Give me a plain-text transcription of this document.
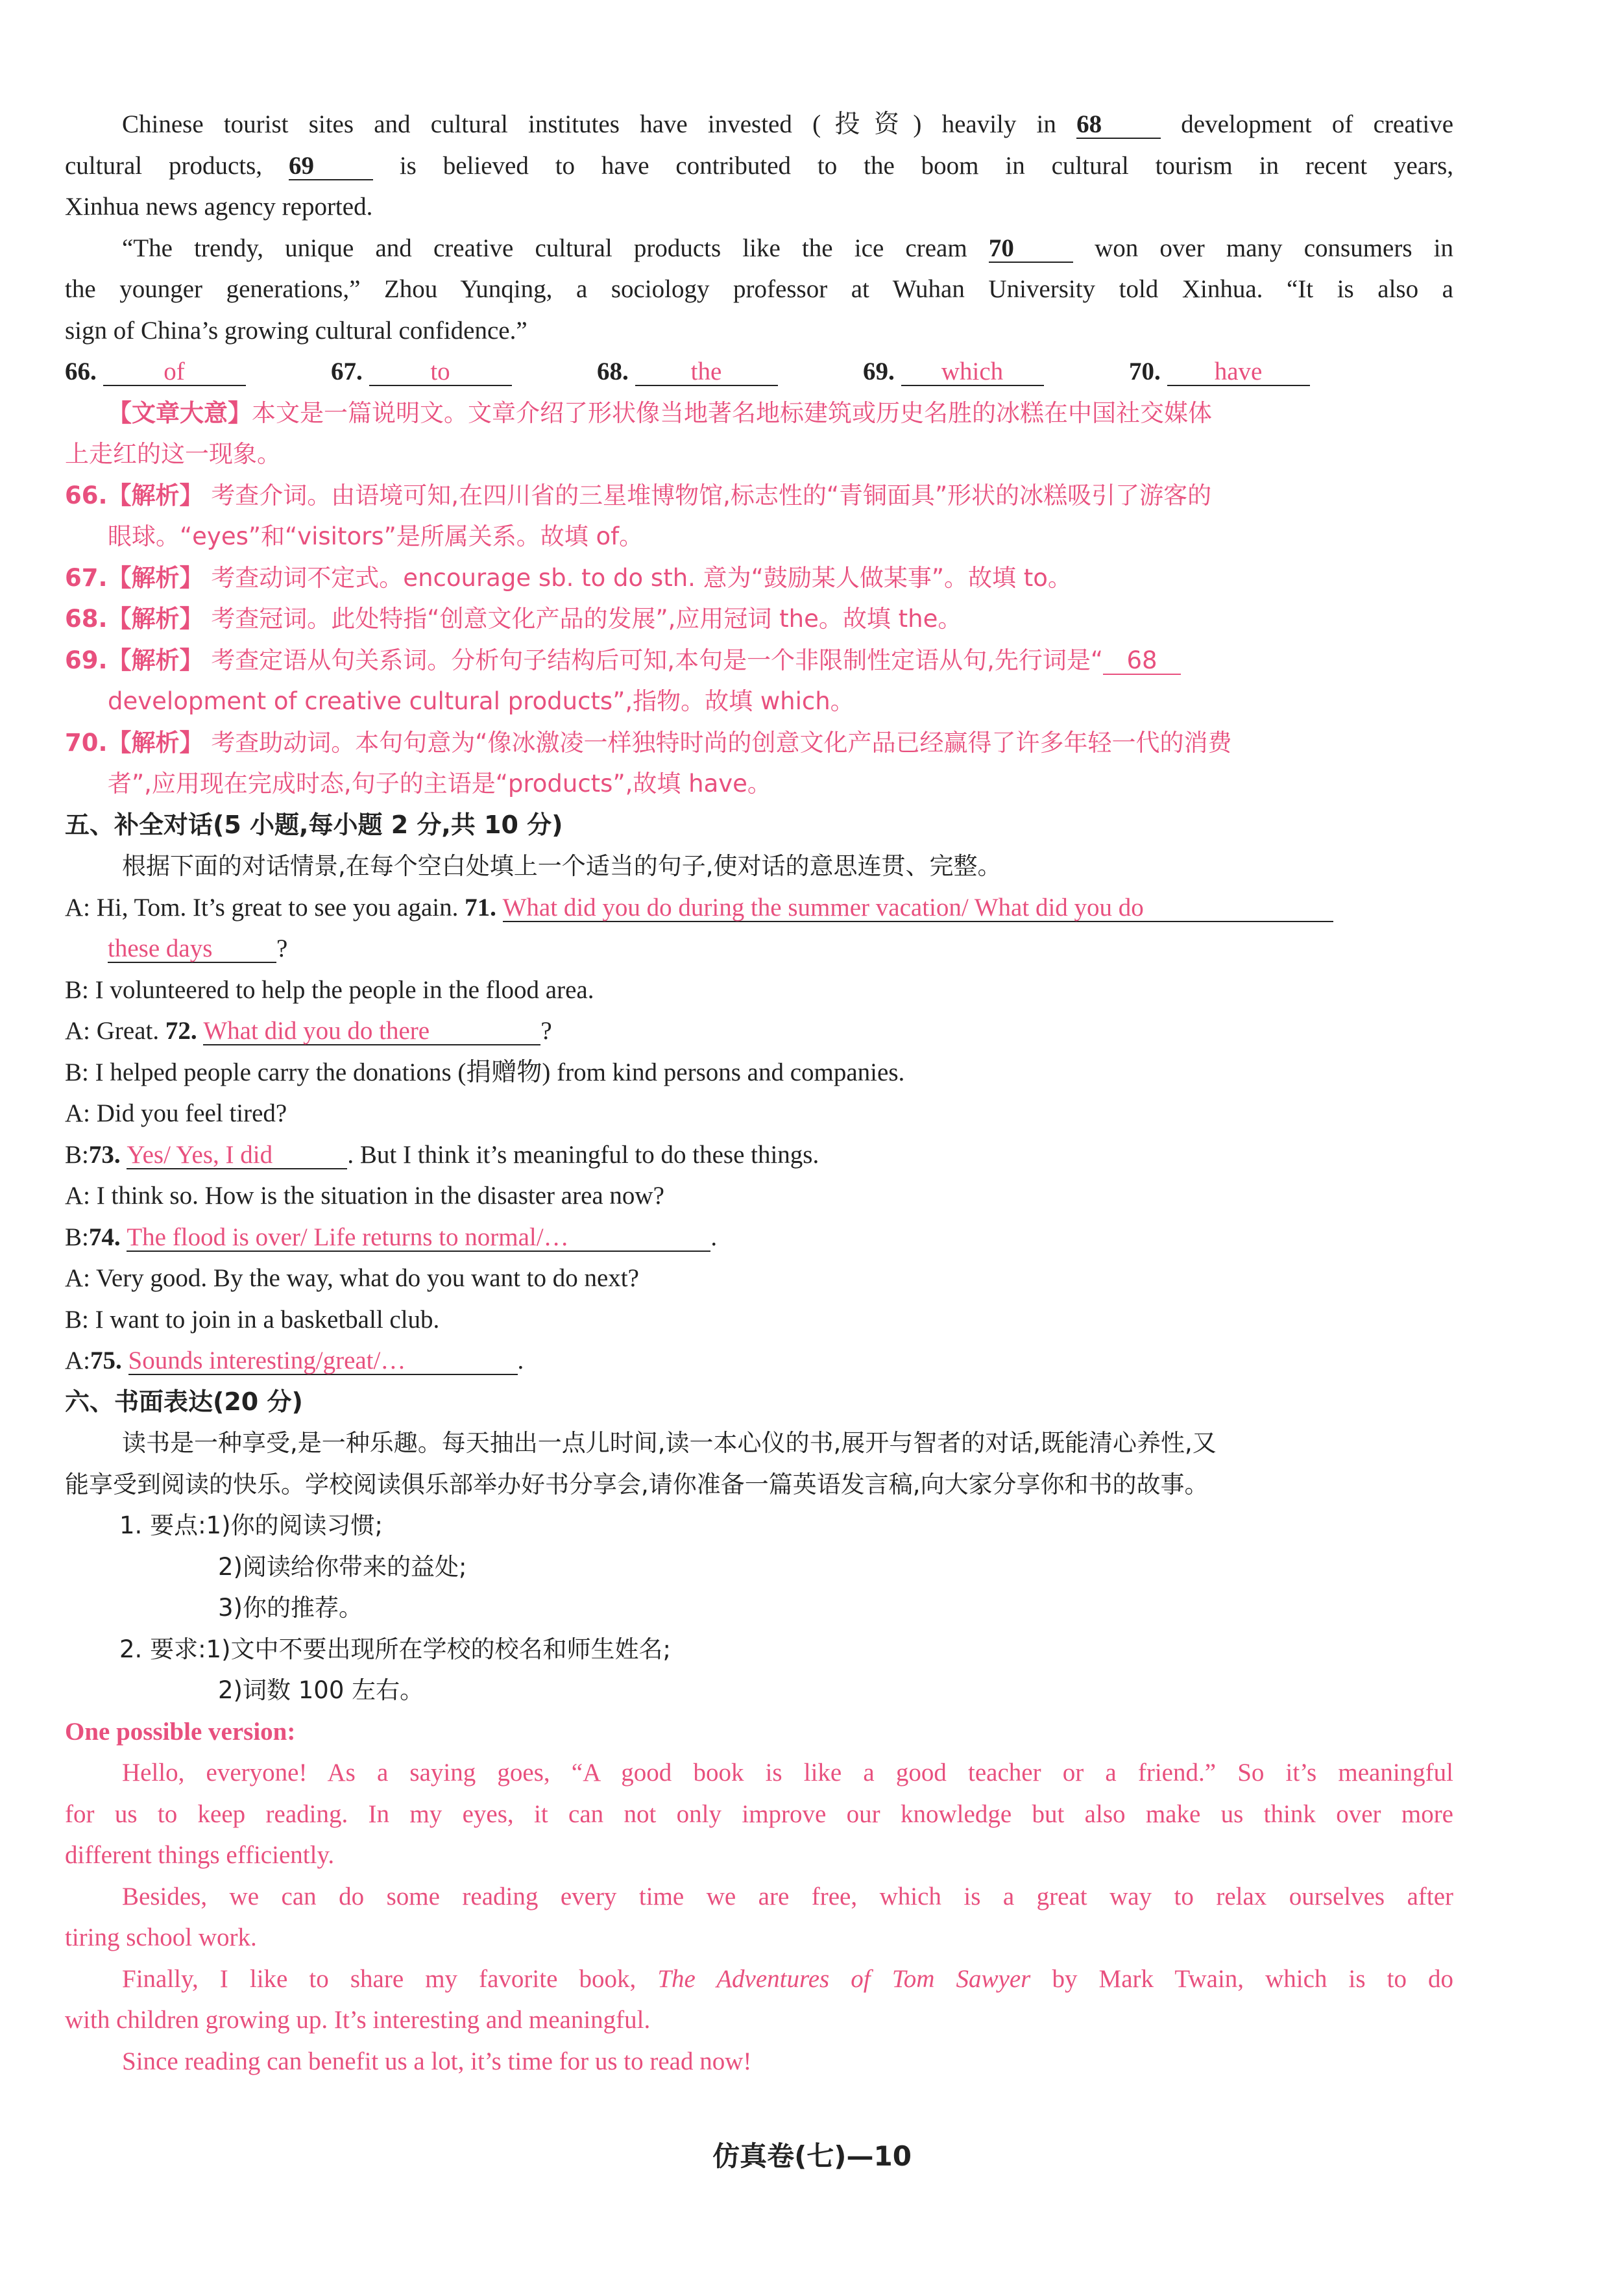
Chinese tourist sites and cultural institutes have invested (投资) heavily in 68	development of creative
cultural products, 69	is believed to have contributed to the boom in cultural tourism in recent years,
Xinhua news agency reported.
“The trendy, unique and creative cultural products like the ice cream 70	won over many consumers in
the younger generations,” Zhou Yunqing, a sociology professor at Wuhan University told Xinhua. “It is also a
sign of China’s growing cultural confidence.”
66.	of	67.	to	68. the	69. which	70. have
【文章大意】本文是一篇说明文。文章介绍了形状像当地著名地标建筑或历史名胜的冰糕在中国社交媒体
上走红的这一现象。
66.【解析】 考查介词。由语境可知,在四川省的三星堆博物馆,标志性的“青铜面具”形状的冰糕吸引了游客的
眼球。“eyes”和“visitors”是所属关系。故填 of。
67.【解析】 考查动词不定式。encourage sb. to do sth. 意为“鼓励某人做某事”。故填 to。
68.【解析】 考查冠词。此处特指“创意文化产品的发展”,应用冠词 the。故填 the。
69.【解析】 考查定语从句关系词。分析句子结构后可知,本句是一个非限制性定语从句,先行词是“ 68
development of creative cultural products”,指物。故填 which。
70.【解析】 考查助动词。本句句意为“像冰激凌一样独特时尚的创意文化产品已经赢得了许多年轻一代的消费
者”,应用现在完成时态,句子的主语是“products”,故填 have。
五、补全对话(5 小题,每小题 2 分,共 10 分)
根据下面的对话情景,在每个空白处填上一个适当的句子,使对话的意思连贯、完整。
A: Hi, Tom. It’s great to see you again. 71. What did you do during the summer vacation/ What did you do
these days	?
B: I volunteered to help the people in the flood area.
A: Great. 72. What did you do there	?
B: I helped people carry the donations (捐赠物) from kind persons and companies.
A: Did you feel tired?
B:73. Yes/ Yes, I did	. But I think it’s meaningful to do these things.
A: I think so. How is the situation in the disaster area now?
B:74. The flood is over/ Life returns to normal/…	.
A: Very good. By the way, what do you want to do next?
B: I want to join in a basketball club.
A:75. Sounds interesting/great/…	.
六、书面表达(20 分)
读书是一种享受,是一种乐趣。每天抽出一点儿时间,读一本心仪的书,展开与智者的对话,既能清心养性,又
能享受到阅读的快乐。学校阅读俱乐部举办好书分享会,请你准备一篇英语发言稿,向大家分享你和书的故事。
1. 要点:1)你的阅读习惯;
2)阅读给你带来的益处;
3)你的推荐。
2. 要求:1)文中不要出现所在学校的校名和师生姓名;
2)词数 100 左右。
One possible version:
Hello, everyone! As a saying goes, “A good book is like a good teacher or a friend.” So it’s meaningful
for us to keep reading. In my eyes, it can not only improve our knowledge but also make us think over more
different things efficiently.
Besides, we can do some reading every time we are free, which is a great way to relax ourselves after
tiring school work.
Finally, I like to share my favorite book, The Adventures of Tom Sawyer by Mark Twain, which is to do
with children growing up. It’s interesting and meaningful.
Since reading can benefit us a lot, it’s time for us to read now!
仿真卷(七)—10
